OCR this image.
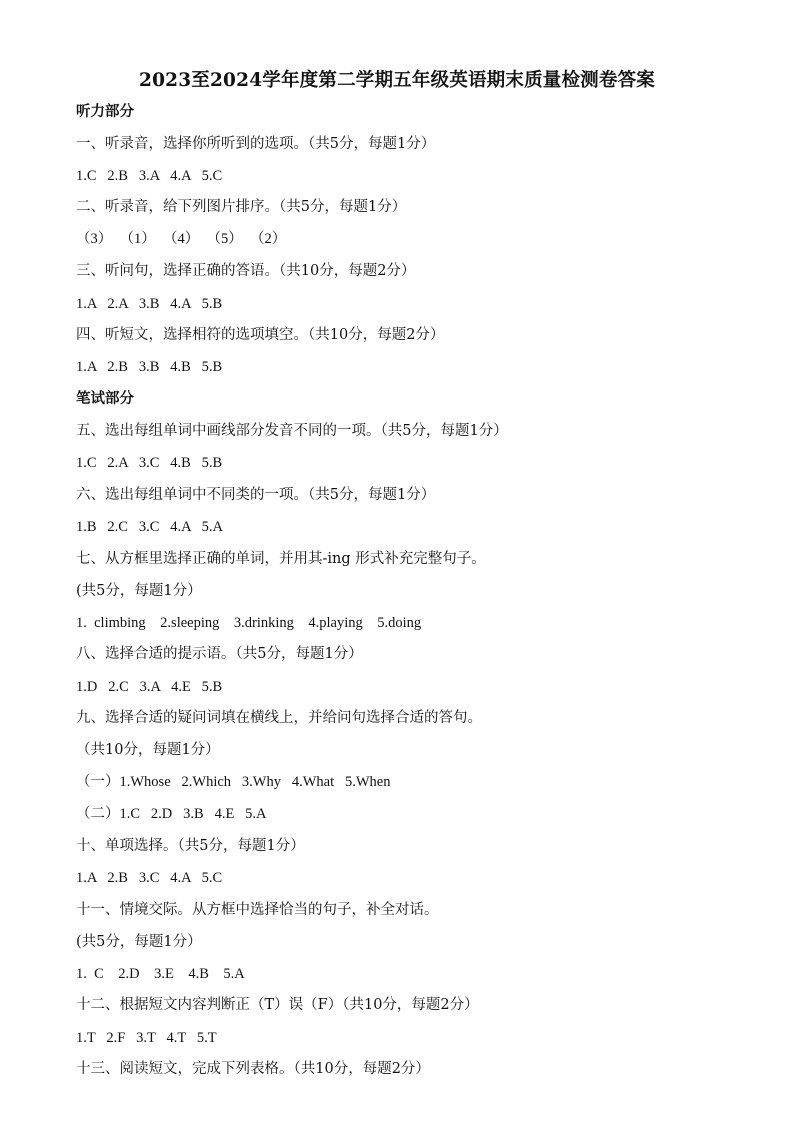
2023至2024学年度第二学期五年级英语期末质量检测卷答案
听力部分
一、听录音，选择你所听到的选项。（共5分，每题1分）
1.C   2.B   3.A   4.A   5.C
二、听录音，给下列图片排序。（共5分，每题1分）
（3）  （1）  （4）  （5）  （2）
三、听问句，选择正确的答语。（共10分，每题2分）
1.A   2.A   3.B   4.A   5.B
四、听短文，选择相符的选项填空。（共10分，每题2分）
1.A   2.B   3.B   4.B   5.B
笔试部分
五、选出每组单词中画线部分发音不同的一项。（共5分，每题1分）
1.C   2.A   3.C   4.B   5.B
六、选出每组单词中不同类的一项。（共5分，每题1分）
1.B   2.C   3.C   4.A   5.A
七、从方框里选择正确的单词，并用其-ing 形式补充完整句子。
(共5分，每题1分）
1.  climbing    2.sleeping    3.drinking    4.playing    5.doing
八、选择合适的提示语。（共5分，每题1分）
1.D   2.C   3.A   4.E   5.B
九、选择合适的疑问词填在横线上，并给问句选择合适的答句。
（共10分，每题1分）
（一）1.Whose   2.Which   3.Why   4.What   5.When
（二）1.C   2.D   3.B   4.E   5.A
十、单项选择。（共5分，每题1分）
1.A   2.B   3.C   4.A   5.C
十一、情境交际。从方框中选择恰当的句子，补全对话。
(共5分，每题1分）
1.  C    2.D    3.E    4.B    5.A
十二、根据短文内容判断正（T）误（F）（共10分，每题2分）
1.T   2.F   3.T   4.T   5.T
十三、阅读短文，完成下列表格。（共10分，每题2分）
